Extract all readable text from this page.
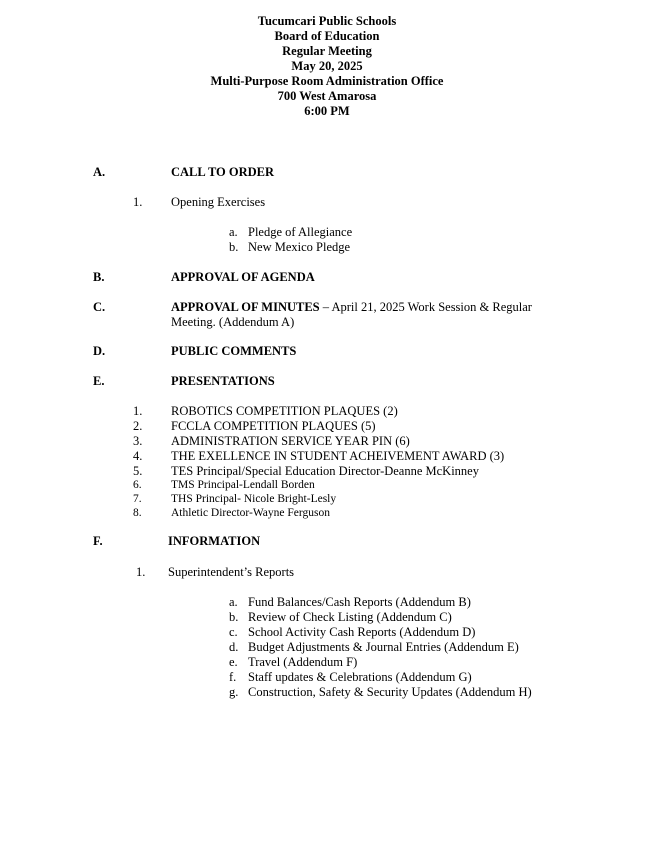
Tucumcari Public Schools
Board of Education
Regular Meeting
May 20, 2025
Multi-Purpose Room Administration Office
700 West Amarosa
6:00 PM
A.	CALL TO ORDER
1. Opening Exercises
a. Pledge of Allegiance
b. New Mexico Pledge
B.	APPROVAL OF AGENDA
C.	APPROVAL OF MINUTES – April 21, 2025 Work Session & Regular
Meeting. (Addendum A)
D.	PUBLIC COMMENTS
E.	PRESENTATIONS
1. ROBOTICS COMPETITION PLAQUES (2)
2. FCCLA COMPETITION PLAQUES (5)
3. ADMINISTRATION SERVICE YEAR PIN (6)
4. THE EXELLENCE IN STUDENT ACHEIVEMENT AWARD (3)
5. TES Principal/Special Education Director-Deanne McKinney
6.	TMS Principal-Lendall Borden
7.	THS Principal- Nicole Bright-Lesly
8.	Athletic Director-Wayne Ferguson
F.	INFORMATION
1. Superintendent’s Reports
a. Fund Balances/Cash Reports (Addendum B)
b. Review of Check Listing (Addendum C)
c. School Activity Cash Reports (Addendum D)
d. Budget Adjustments & Journal Entries (Addendum E)
e. Travel (Addendum F)
f. Staff updates & Celebrations (Addendum G)
g. Construction, Safety & Security Updates (Addendum H)
